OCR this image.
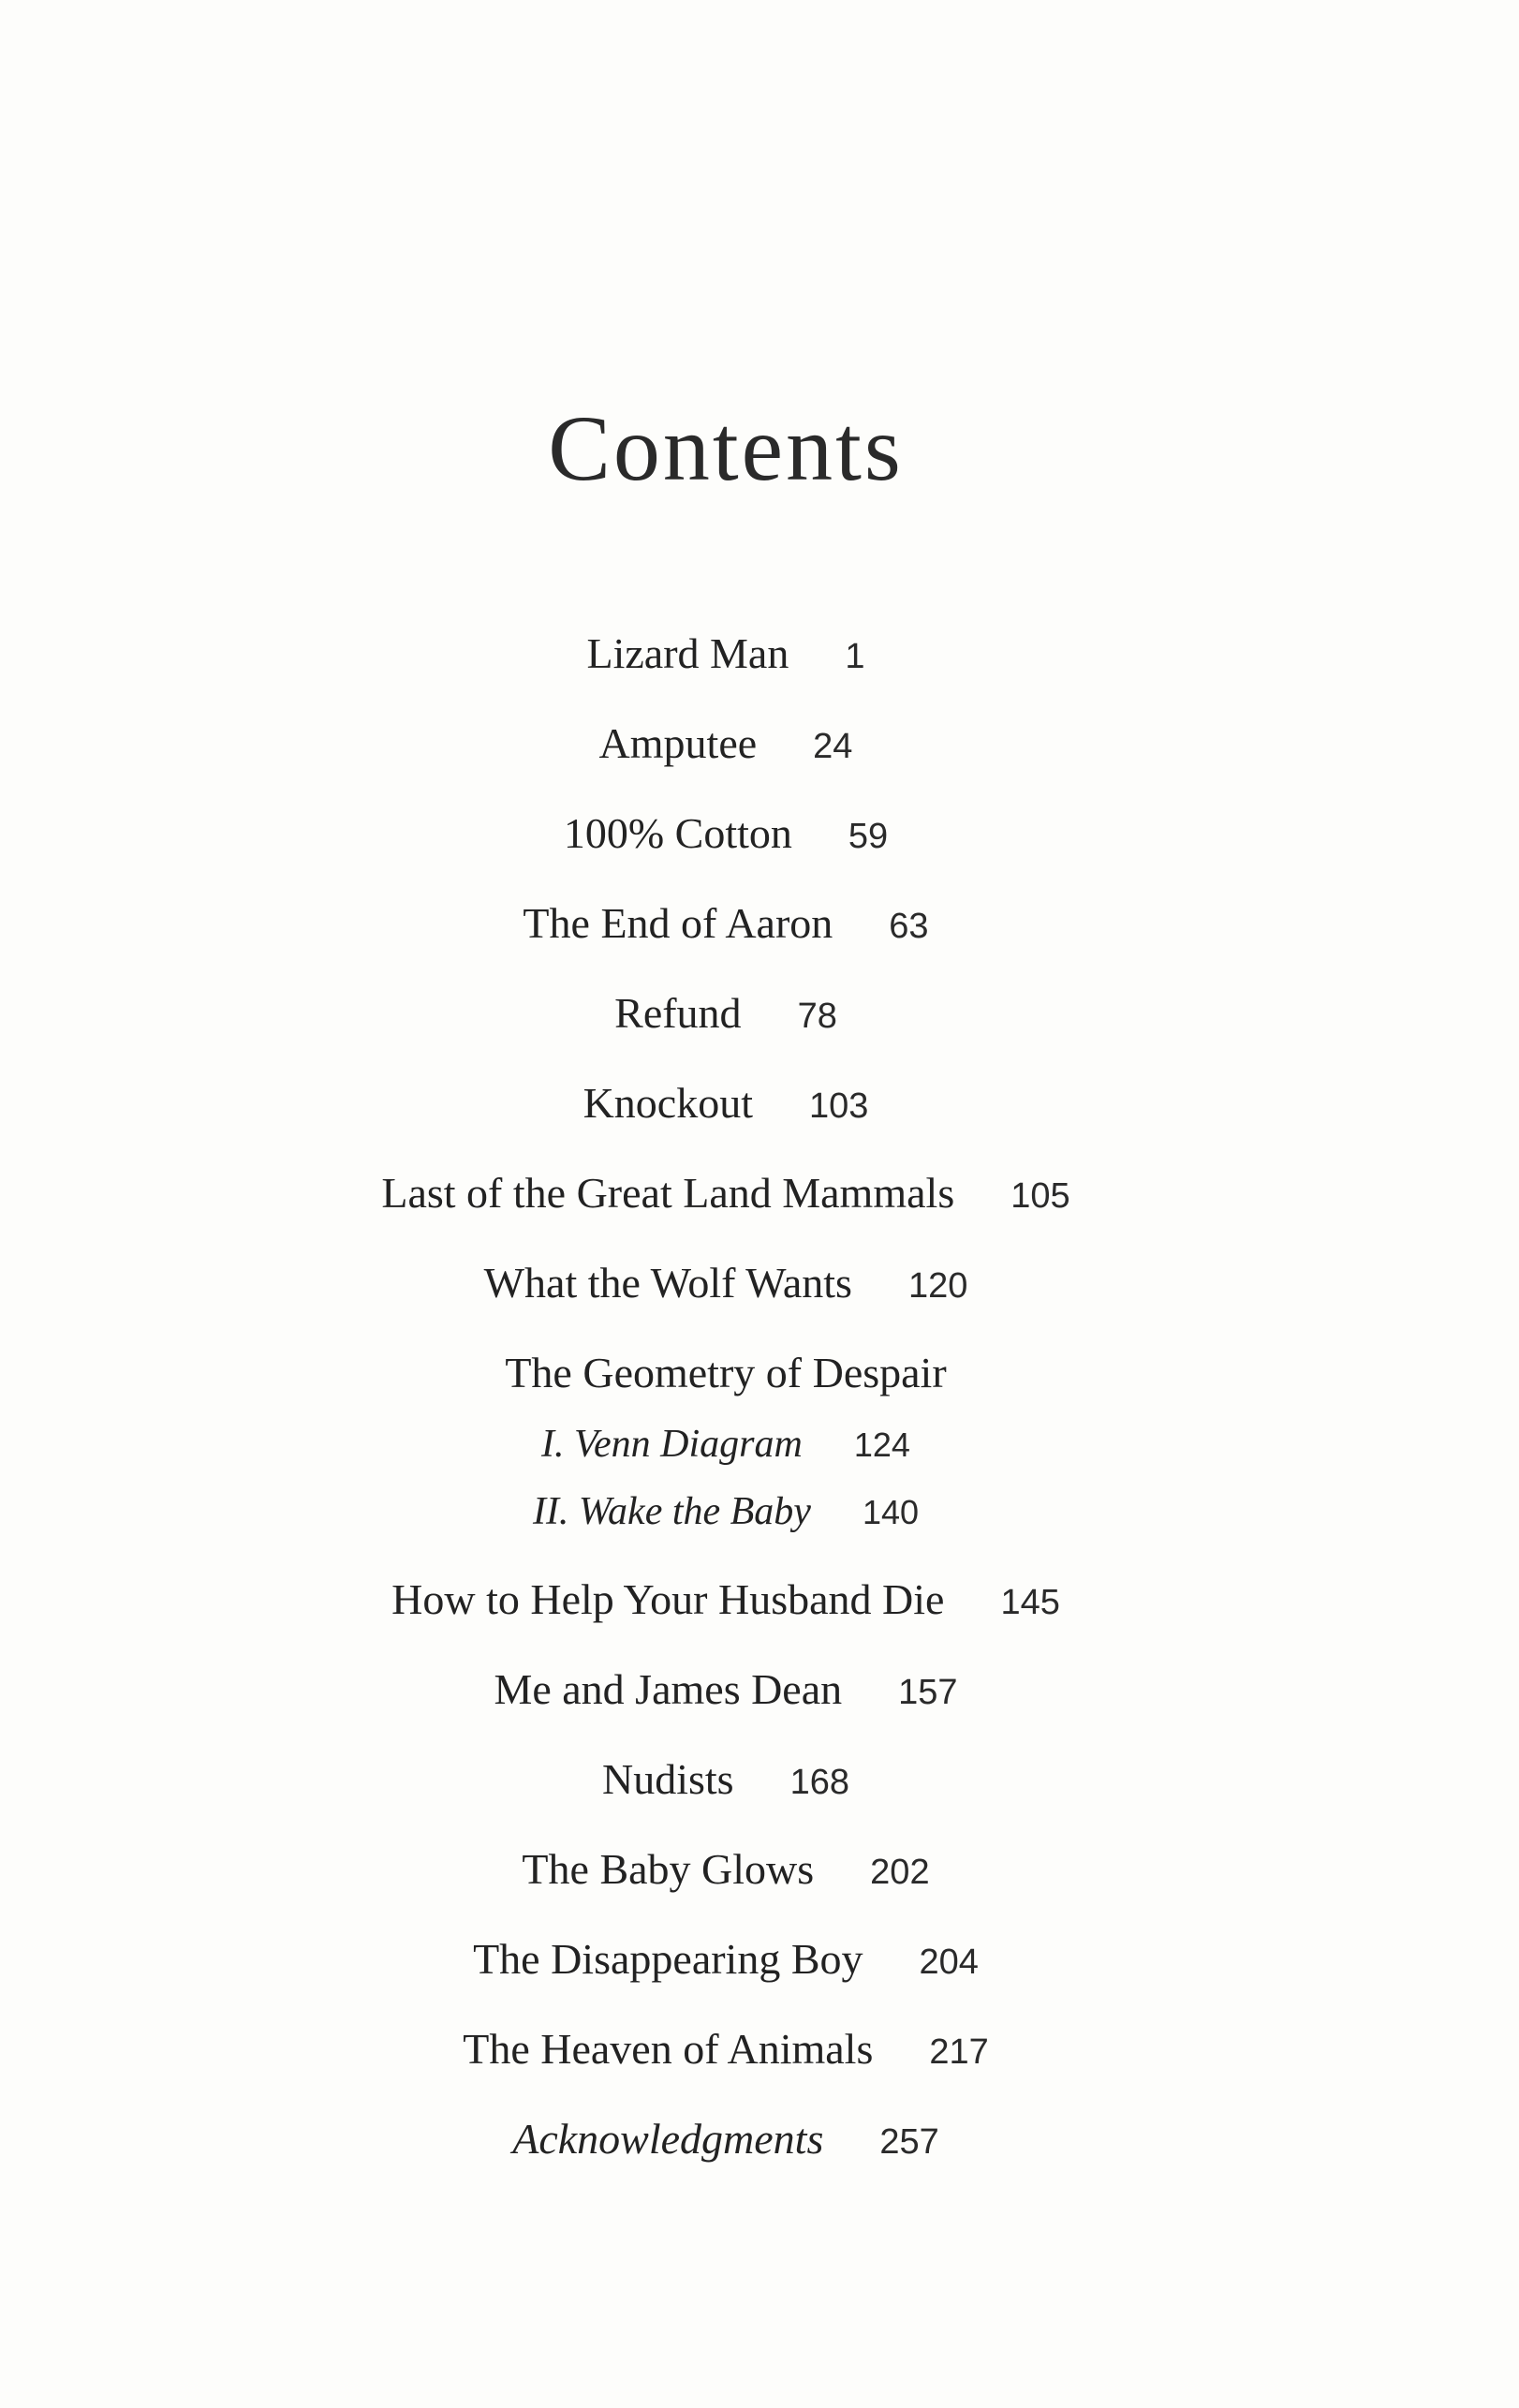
Contents
Lizard Man 1
Amputee 24
100% Cotton 59
The End of Aaron 63
Refund 78
Knockout 103
Last of the Great Land Mammals 105
What the Wolf Wants 120
The Geometry of Despair
I. Venn Diagram 124
II. Wake the Baby 140
How to Help Your Husband Die 145
Me and James Dean 157
Nudists 168
The Baby Glows 202
The Disappearing Boy 204
The Heaven of Animals 217
Acknowledgments 257
